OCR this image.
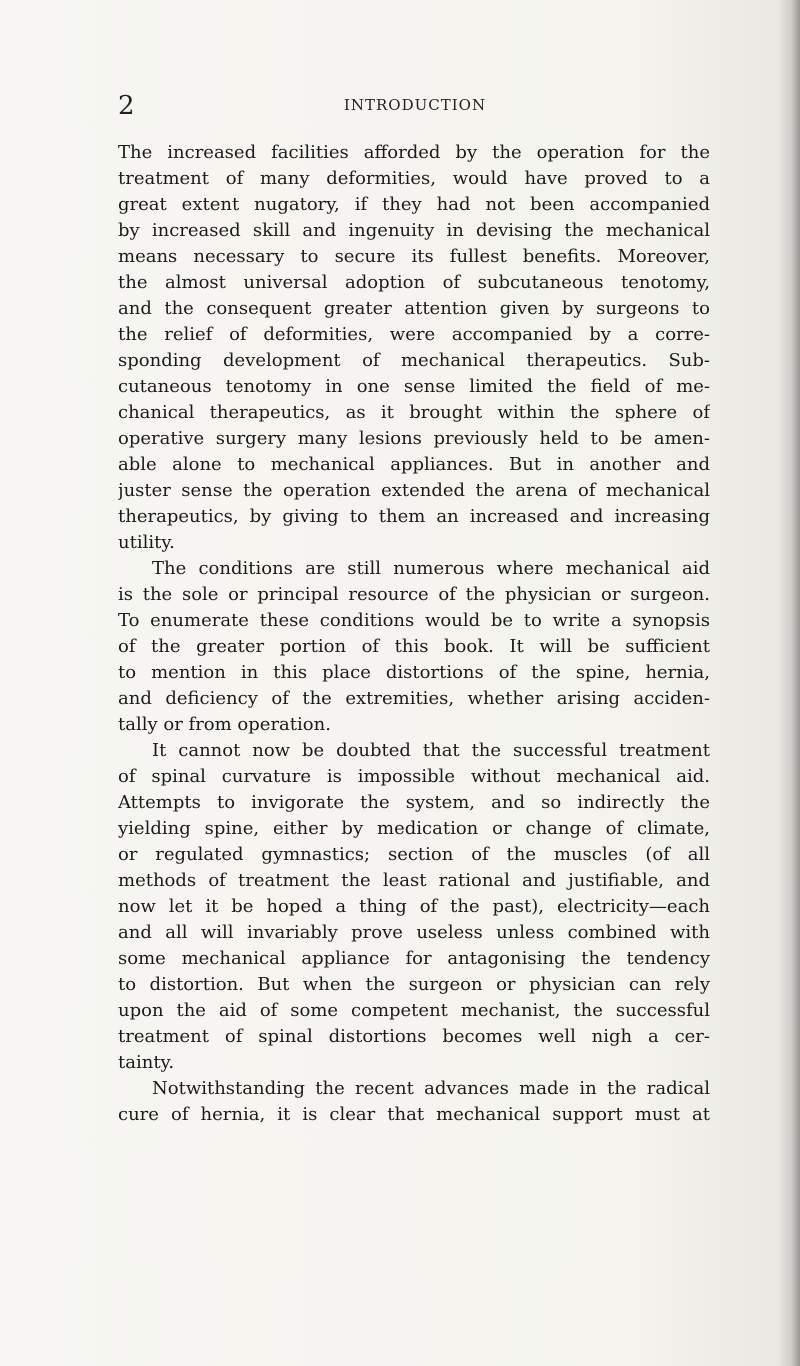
2	INTRODUCTION
The increased facilities afforded by the operation for the
treatment of many deformities, would have proved to a
great extent nugatory, if they had not been accompanied
by increased skill and ingenuity in devising the mechanical
means necessary to secure its fullest benefits. Moreover,
the almost universal adoption of subcutaneous tenotomy,
and the consequent greater attention given by surgeons to
the relief of deformities, were accompanied by a corre-
sponding development of mechanical therapeutics. Sub-
cutaneous tenotomy in one sense limited the field of me-
chanical therapeutics, as it brought within the sphere of
operative surgery many lesions previously held to be amen-
able alone to mechanical appliances. But in another and
juster sense the operation extended the arena of mechanical
therapeutics, by giving to them an increased and increasing
utility.
The conditions are still numerous where mechanical aid
is the sole or principal resource of the physician or surgeon.
To enumerate these conditions would be to write a synopsis
of the greater portion of this book. It will be sufficient
to mention in this place distortions of the spine, hernia,
and deficiency of the extremities, whether arising acciden-
tally or from operation.
It cannot now be doubted that the successful treatment
of spinal curvature is impossible without mechanical aid.
Attempts to invigorate the system, and so indirectly the
yielding spine, either by medication or change of climate,
or regulated gymnastics; section of the muscles (of all
methods of treatment the least rational and justifiable, and
now let it be hoped a thing of the past), electricity—each
and all will invariably prove useless unless combined with
some mechanical appliance for antagonising the tendency
to distortion. But when the surgeon or physician can rely
upon the aid of some competent mechanist, the successful
treatment of spinal distortions becomes well nigh a cer-
tainty.
Notwithstanding the recent advances made in the radical
cure of hernia, it is clear that mechanical support must at
